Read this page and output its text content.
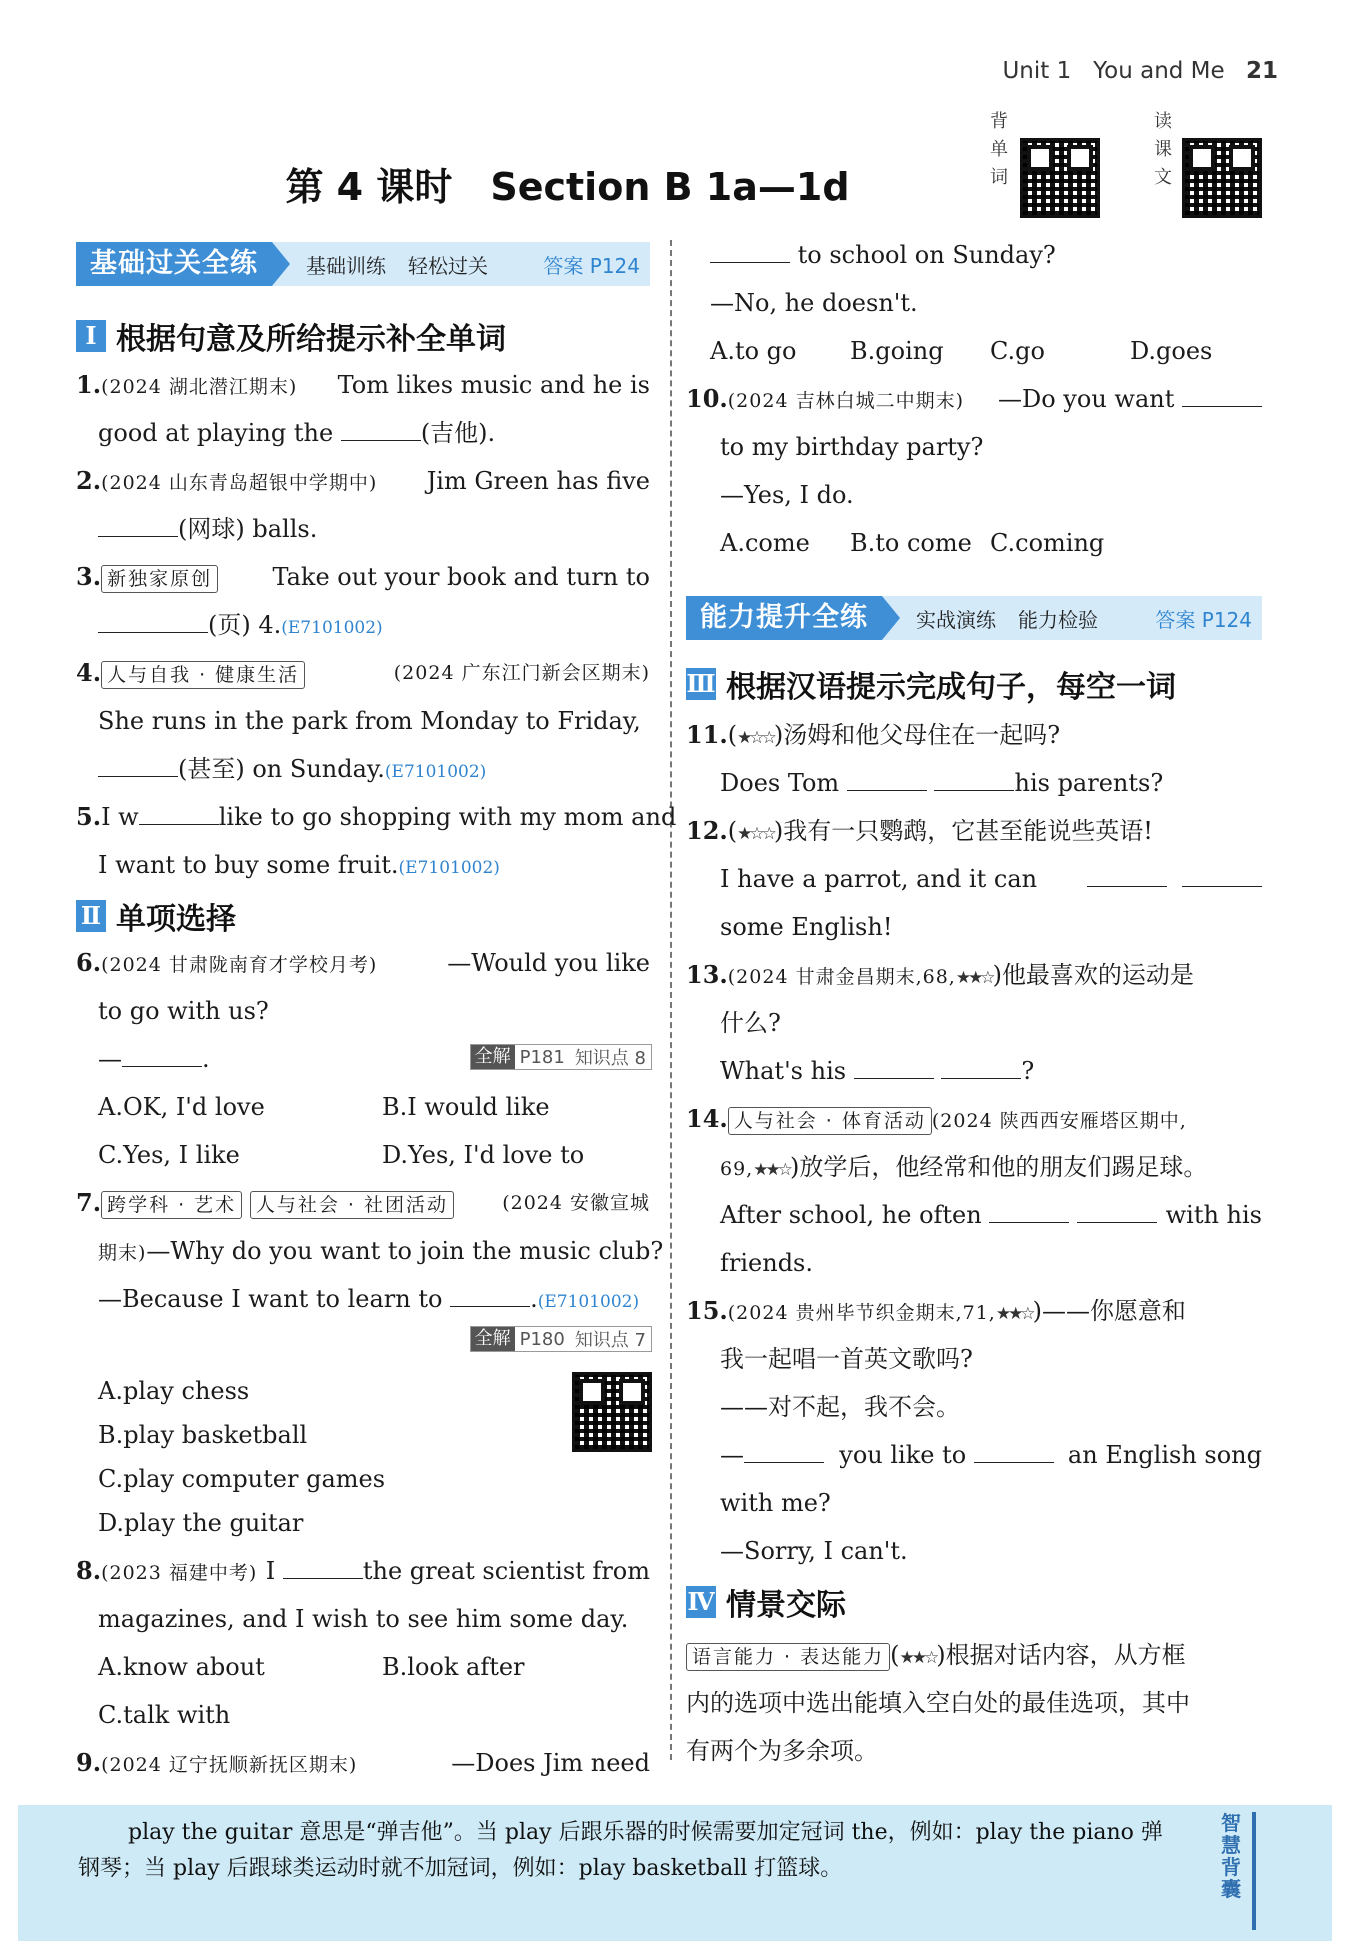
Unit 1 You and Me 21
第 4 课时　Section B 1a—1d
背
单
词
读
课
文
基础过关全练	基础训练 轻松过关	答案 P124
Ⅰ 根据句意及所给提示补全单词
1.(2024 湖北潜江期末) Tom likes music and he is
good at playing the	(吉他).
2.(2024 山东青岛超银中学期中) Jim Green has five
(网球) balls.
3. 新独家原创	Take out your book and turn to
(页) 4.(E7101002)
4. 人与自我 · 健康生活	(2024 广东江门新会区期末)
She runs in the park from Monday to Friday,
(甚至) on Sunday.(E7101002)
5.I w	like to go shopping with my mom and
I want to buy some fruit.(E7101002)
Ⅱ 单项选择
6.(2024 甘肃陇南育才学校月考)	—Would you like
to go with us?
—	.	全解 P181 知识点 8
A.OK, I'd love	B.I would like
C.Yes, I like	D.Yes, I'd love to
7. 跨学科 · 艺术 人与社会 · 社团活动	(2024 安徽宣城
期末)—Why do you want to join the music club?
—Because I want to learn to	.(E7101002)
全解 P180 知识点 7
A.play chess
B.play basketball
C.play computer games
D.play the guitar
8.(2023 福建中考) I	the great scientist from
magazines, and I wish to see him some day.
A.know about	B.look after
C.talk with
9.(2024 辽宁抚顺新抚区期末)	—Does Jim need
to school on Sunday?
—No, he doesn't.
A.to go B.going C.go	D.goes
10.(2024 吉林白城二中期末) —Do you want
to my birthday party?
—Yes, I do.
A.come B.to come C.coming
能力提升全练	实战演练 能力检验	答案 P124
Ⅲ 根据汉语提示完成句子，每空一词
11.(★☆☆)汤姆和他父母住在一起吗?
Does Tom	his parents?
12.(★☆☆)我有一只鹦鹉，它甚至能说些英语!
I have a parrot, and it can

some English!
13.(2024 甘肃金昌期末,68,★★☆)他最喜欢的运动是
什么?
What's his	?
14. 人与社会 · 体育活动 (2024 陕西西安雁塔区期中,
69,★★☆)放学后，他经常和他的朋友们踢足球。
After school, he often	with his
friends.
15.(2024 贵州毕节织金期末,71,★★☆)——你愿意和
我一起唱一首英文歌吗?
——对不起，我不会。
—	you like to	an English song
with me?
—Sorry, I can't.
Ⅳ 情景交际
语言能力 · 表达能力 (★★☆)根据对话内容，从方框
内的选项中选出能填入空白处的最佳选项，其中
有两个为多余项。
play the guitar 意思是“弹吉他”。当 play 后跟乐器的时候需要加定冠词 the，例如：play the piano 弹
钢琴；当 play 后跟球类运动时就不加冠词，例如：play basketball 打篮球。
智慧背囊
